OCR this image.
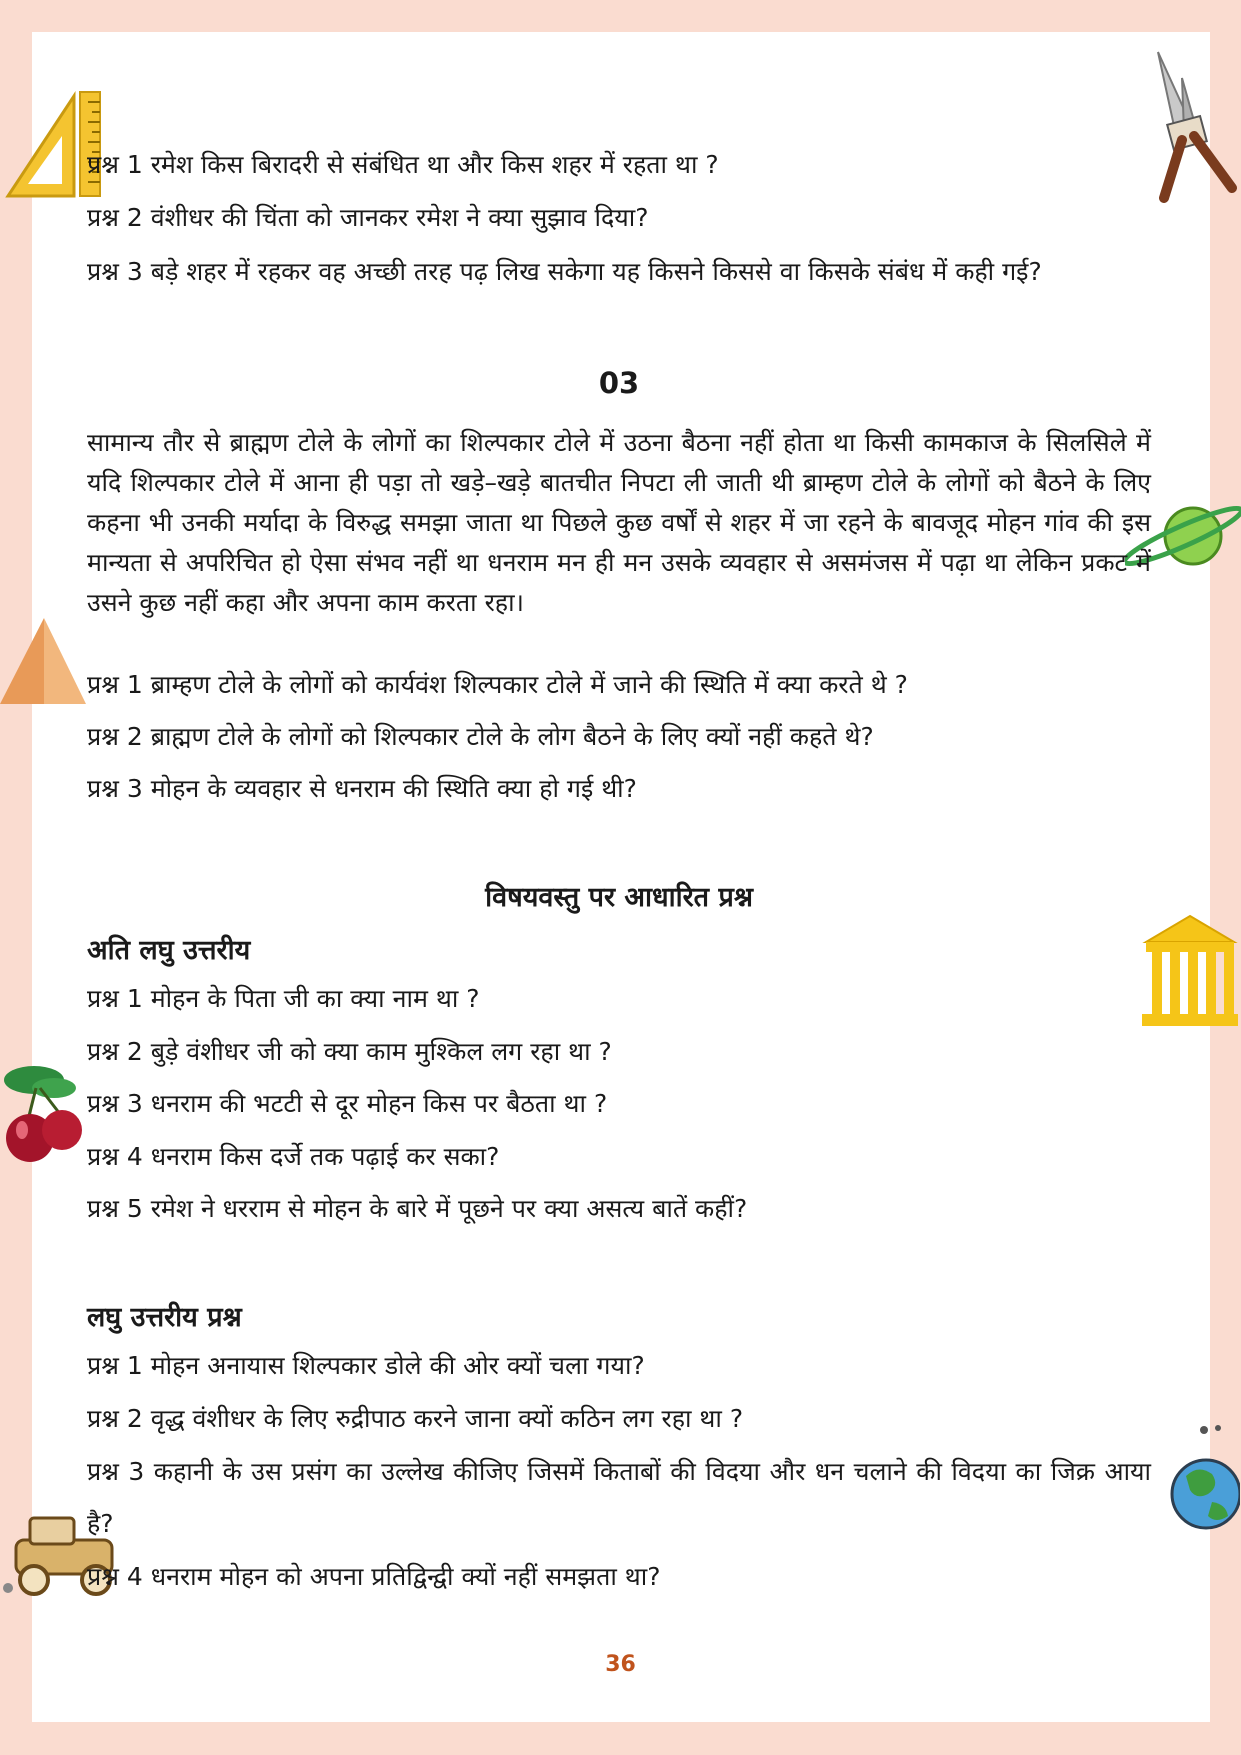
प्रश्न 1 रमेश किस बिरादरी से संबंधित था और किस शहर में रहता था ?
प्रश्न 2 वंशीधर की चिंता को जानकर रमेश ने क्या सुझाव दिया?
प्रश्न 3 बड़े शहर में रहकर वह अच्छी तरह पढ़ लिख सकेगा यह किसने किससे वा किसके संबंध में कही गई?
03
सामान्य तौर से ब्राह्मण टोले के लोगों का शिल्पकार टोले में उठना बैठना नहीं होता था किसी कामकाज के सिलसिले में यदि शिल्पकार टोले में आना ही पड़ा तो खड़े–खड़े बातचीत निपटा ली जाती थी ब्राम्हण टोले के लोगों को बैठने के लिए कहना भी उनकी मर्यादा के विरुद्ध समझा जाता था पिछले कुछ वर्षों से शहर में जा रहने के बावजूद मोहन गांव की इस मान्यता से अपरिचित हो ऐसा संभव नहीं था धनराम मन ही मन उसके व्यवहार से असमंजस में पढ़ा था लेकिन प्रकट में उसने कुछ नहीं कहा और अपना काम करता रहा।
प्रश्न 1 ब्राम्हण टोले के लोगों को कार्यवंश शिल्पकार टोले में जाने की स्थिति में क्या करते थे ?
प्रश्न 2 ब्राह्मण टोले के लोगों को शिल्पकार टोले के लोग बैठने के लिए क्यों नहीं कहते थे?
प्रश्न 3 मोहन के व्यवहार से धनराम की स्थिति क्या हो गई थी?
विषयवस्तु पर आधारित प्रश्न
अति लघु उत्तरीय
प्रश्न 1 मोहन के पिता जी का क्या नाम था ?
प्रश्न 2 बुड़े वंशीधर जी को क्या काम मुश्किल लग रहा था ?
प्रश्न 3 धनराम की भटटी से दूर मोहन किस पर बैठता था ?
प्रश्न 4 धनराम किस दर्जे तक पढ़ाई कर सका?
प्रश्न 5 रमेश ने धरराम से मोहन के बारे में पूछने पर क्या असत्य बातें कहीं?
लघु उत्तरीय प्रश्न
प्रश्न 1 मोहन अनायास शिल्पकार डोले की ओर क्यों चला गया?
प्रश्न 2 वृद्ध वंशीधर के लिए रुद्रीपाठ करने जाना क्यों कठिन लग रहा था ?
प्रश्न 3 कहानी के उस प्रसंग का उल्लेख कीजिए जिसमें किताबों की विदया और धन चलाने की विदया का जिक्र आया है?
प्रश्न 4 धनराम मोहन को अपना प्रतिद्विन्द्वी क्यों नहीं समझता था?
36
